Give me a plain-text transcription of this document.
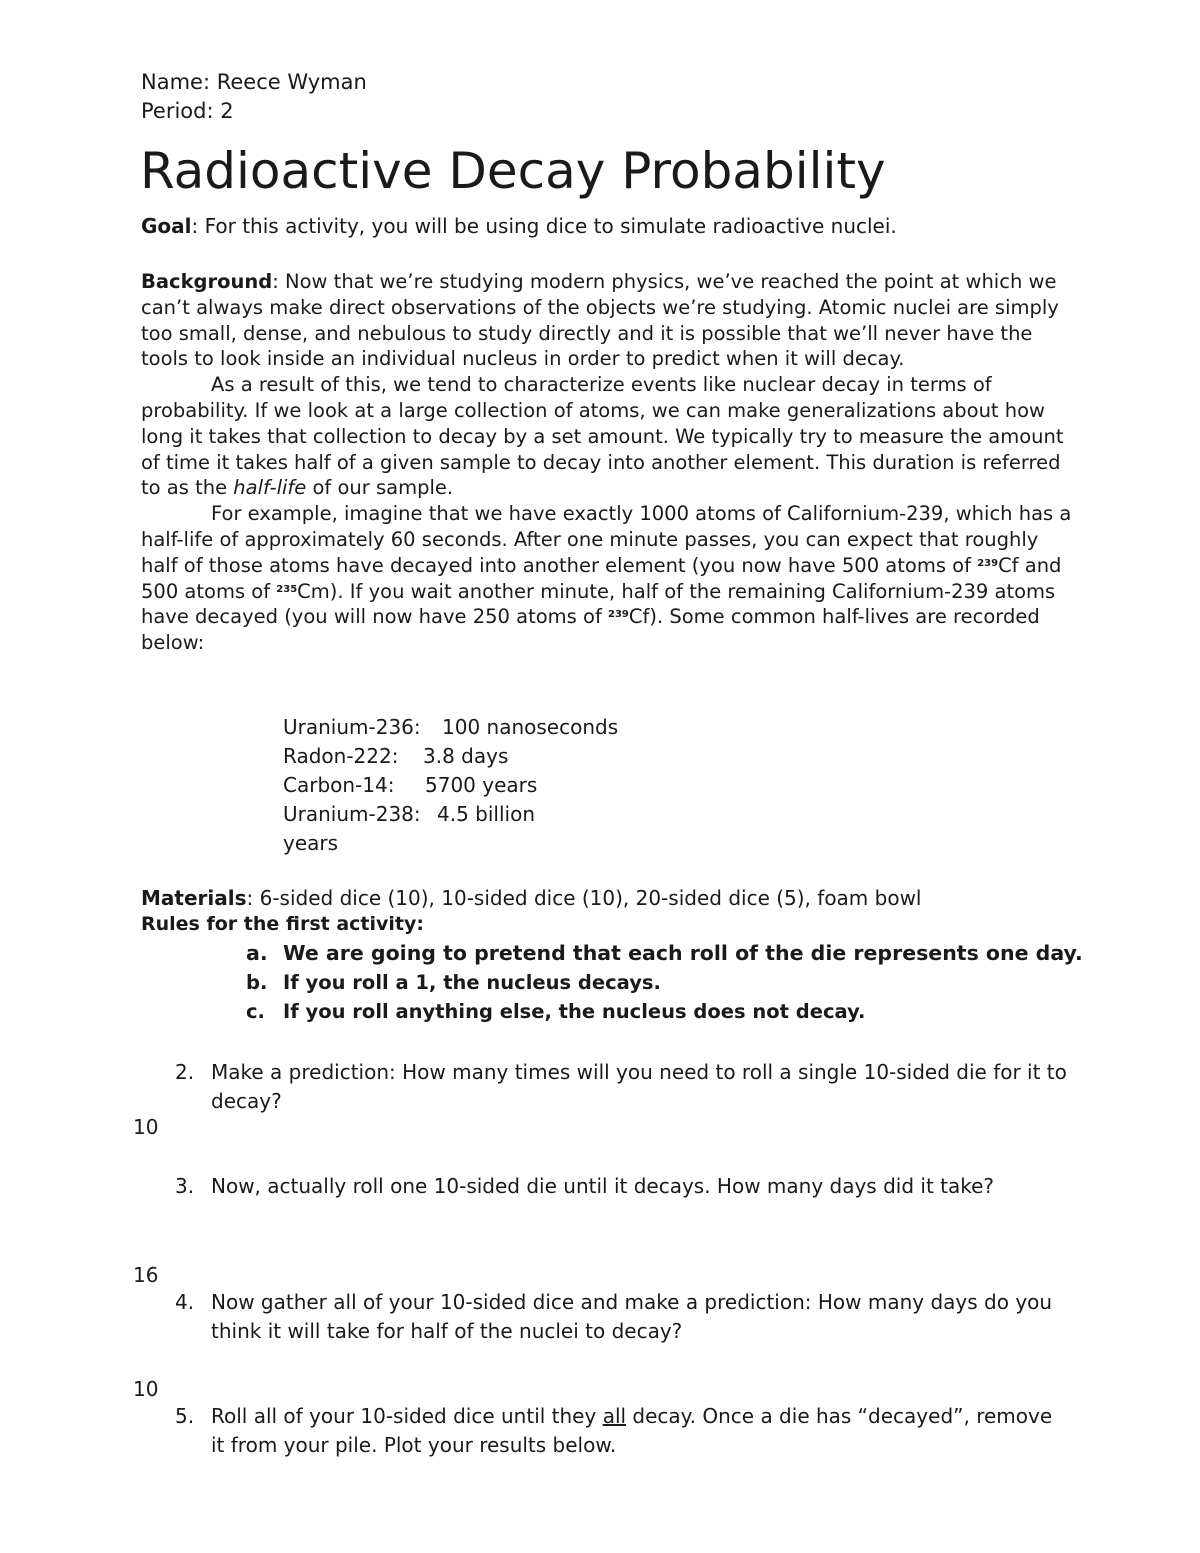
Name: Reece Wyman
Period: 2
Radioactive Decay Probability

Goal: For this activity, you will be using dice to simulate radioactive nuclei.

Background: Now that we’re studying modern physics, we’ve reached the point at which we can’t always make direct observations of the objects we’re studying. Atomic nuclei are simply too small, dense, and nebulous to study directly and it is possible that we’ll never have the tools to look inside an individual nucleus in order to predict when it will decay.
As a result of this, we tend to characterize events like nuclear decay in terms of probability. If we look at a large collection of atoms, we can make generalizations about how long it takes that collection to decay by a set amount. We typically try to measure the amount of time it takes half of a given sample to decay into another element. This duration is referred to as the half-life of our sample.
For example, imagine that we have exactly 1000 atoms of Californium-239, which has a half-life of approximately 60 seconds. After one minute passes, you can expect that roughly half of those atoms have decayed into another element (you now have 500 atoms of $^{239}$Cf and 500 atoms of $^{235}$Cm). If you wait another minute, half of the remaining Californium-239 atoms have decayed (you will now have 250 atoms of $^{239}$Cf). Some common half-lives are recorded below:
Uranium-236: 100 nanoseconds
Radon-222: 3.8 days
Carbon-14: 5700 years
Uranium-238: 4.5 billion
years

Materials: 6-sided dice (10), 10-sided dice (10), 20-sided dice (5), foam bowl

Rules for the first activity:
a. We are going to pretend that each roll of the die represents one day.
b. If you roll a 1, the nucleus decays.
c. If you roll anything else, the nucleus does not decay.
2. Make a prediction: How many times will you need to roll a single 10-sided die for it to decay?
10
3. Now, actually roll one 10-sided die until it decays. How many days did it take?
16
4. Now gather all of your 10-sided dice and make a prediction: How many days do you think it will take for half of the nuclei to decay?
10
5. Roll all of your 10-sided dice until they all decay. Once a die has “decayed”, remove it from your pile. Plot your results below.
